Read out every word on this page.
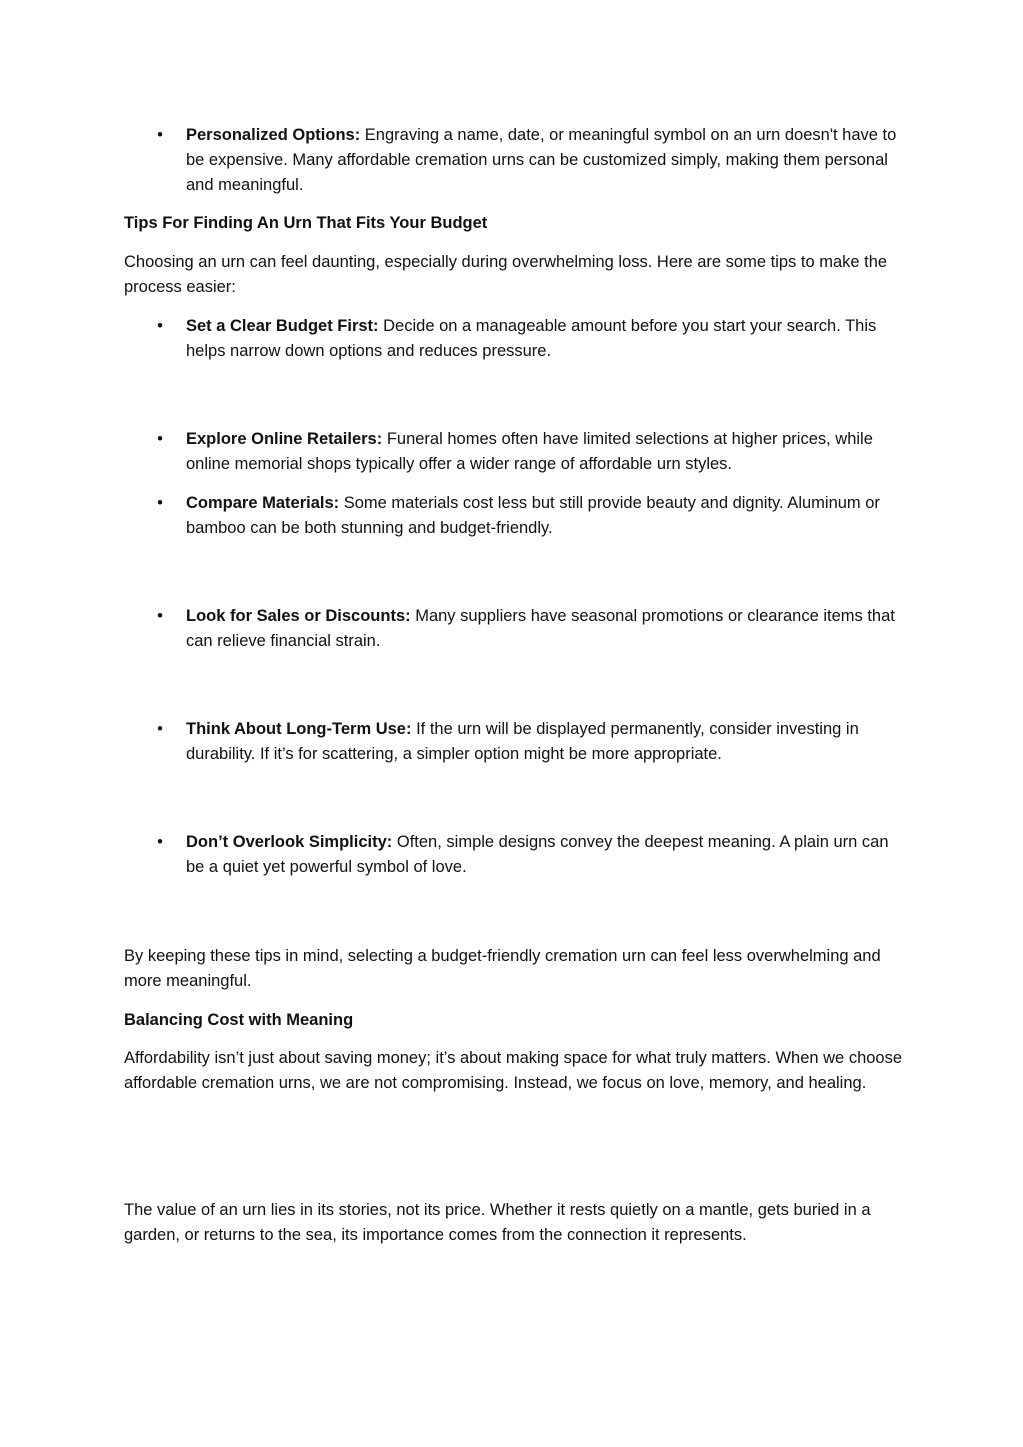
• Personalized Options: Engraving a name, date, or meaningful symbol on an urn doesn't have to be expensive. Many affordable cremation urns can be customized simply, making them personal and meaningful.

Tips For Finding An Urn That Fits Your Budget

Choosing an urn can feel daunting, especially during overwhelming loss. Here are some tips to make the process easier:

• Set a Clear Budget First: Decide on a manageable amount before you start your search. This helps narrow down options and reduces pressure.

• Explore Online Retailers: Funeral homes often have limited selections at higher prices, while online memorial shops typically offer a wider range of affordable urn styles.

• Compare Materials: Some materials cost less but still provide beauty and dignity. Aluminum or bamboo can be both stunning and budget-friendly.

• Look for Sales or Discounts: Many suppliers have seasonal promotions or clearance items that can relieve financial strain.

• Think About Long-Term Use: If the urn will be displayed permanently, consider investing in durability. If it’s for scattering, a simpler option might be more appropriate.

• Don’t Overlook Simplicity: Often, simple designs convey the deepest meaning. A plain urn can be a quiet yet powerful symbol of love.

By keeping these tips in mind, selecting a budget-friendly cremation urn can feel less overwhelming and more meaningful.

Balancing Cost with Meaning

Affordability isn’t just about saving money; it’s about making space for what truly matters. When we choose affordable cremation urns, we are not compromising. Instead, we focus on love, memory, and healing.

The value of an urn lies in its stories, not its price. Whether it rests quietly on a mantle, gets buried in a garden, or returns to the sea, its importance comes from the connection it represents.
